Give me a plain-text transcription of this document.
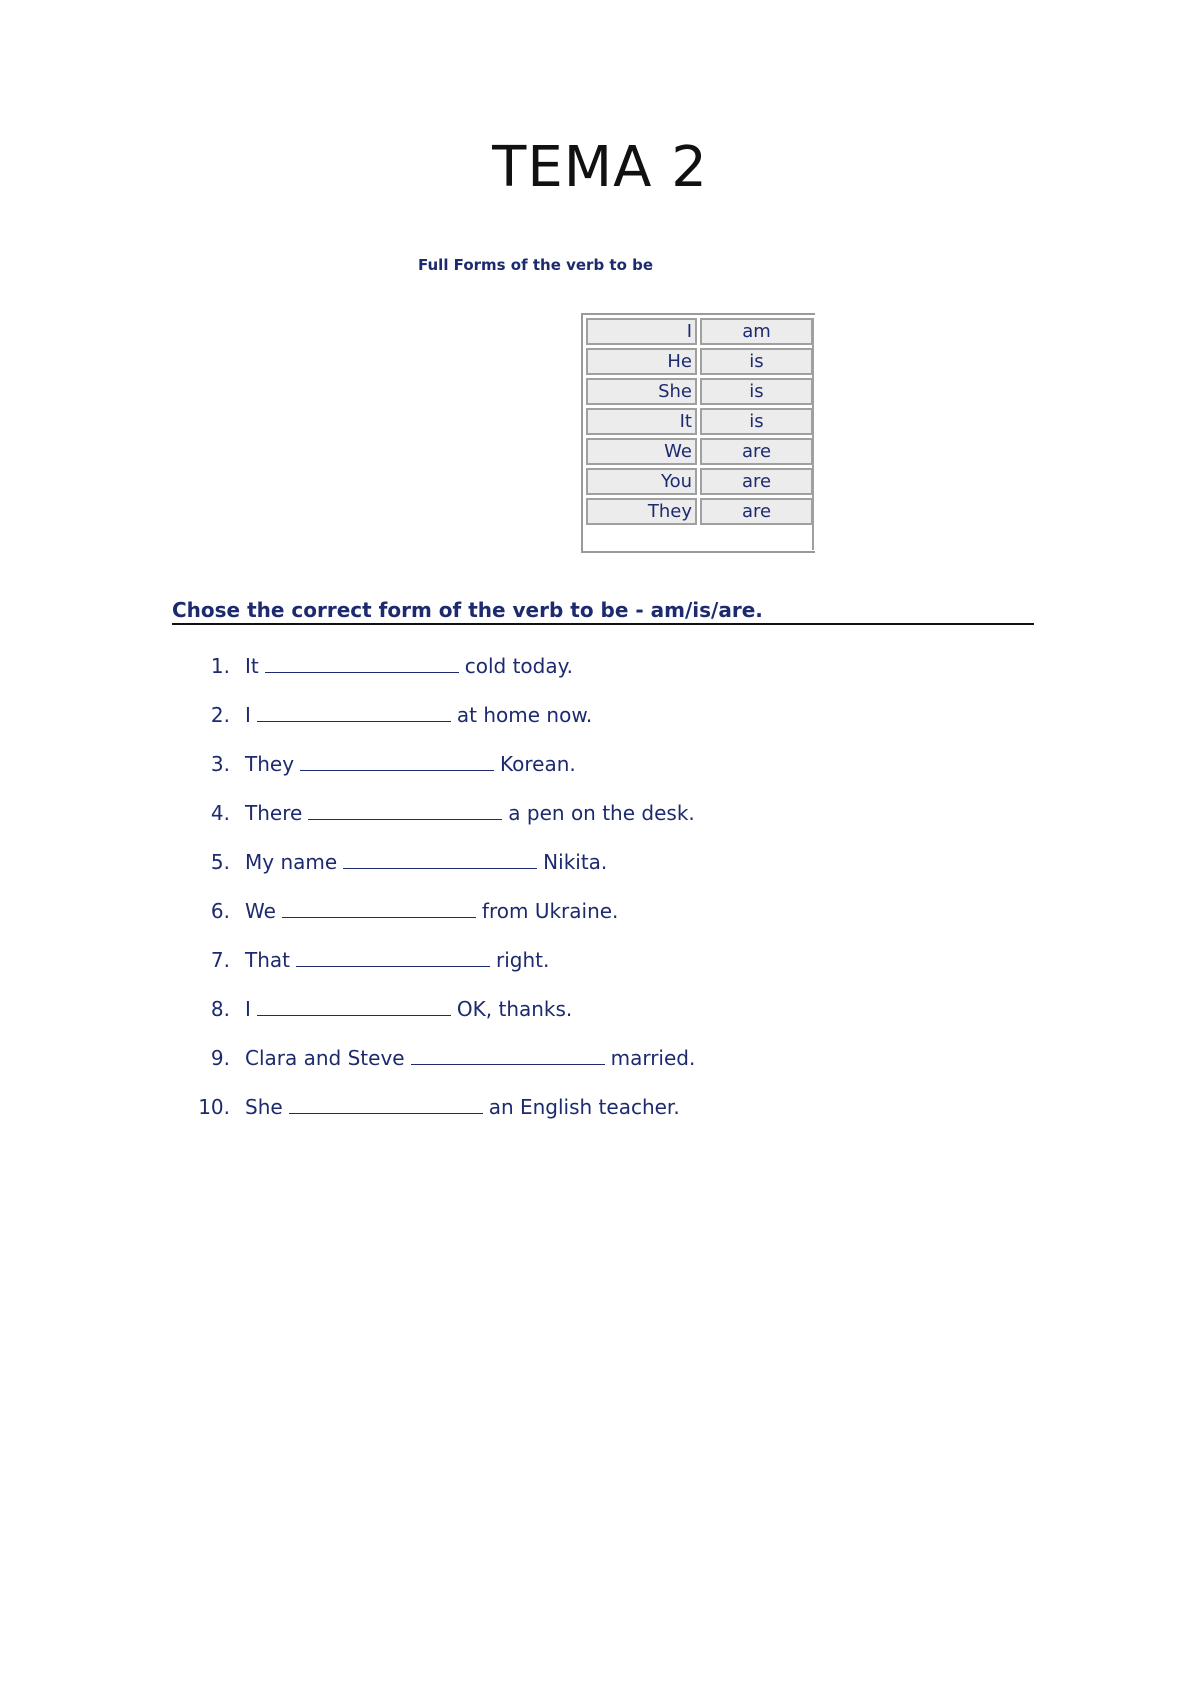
TEMA 2
Full Forms of the verb to be
I	am
He	is
She	is
It	is
We	are
You	are
They	are
Chose the correct form of the verb to be - am/is/are.
1. It	cold today.
2. I	at home now.
3. They	Korean.
4. There	a pen on the desk.
5. My name	Nikita.
6. We	from Ukraine.
7. That	right.
8. I	OK, thanks.
9. Clara and Steve	married.
10. She	an English teacher.
